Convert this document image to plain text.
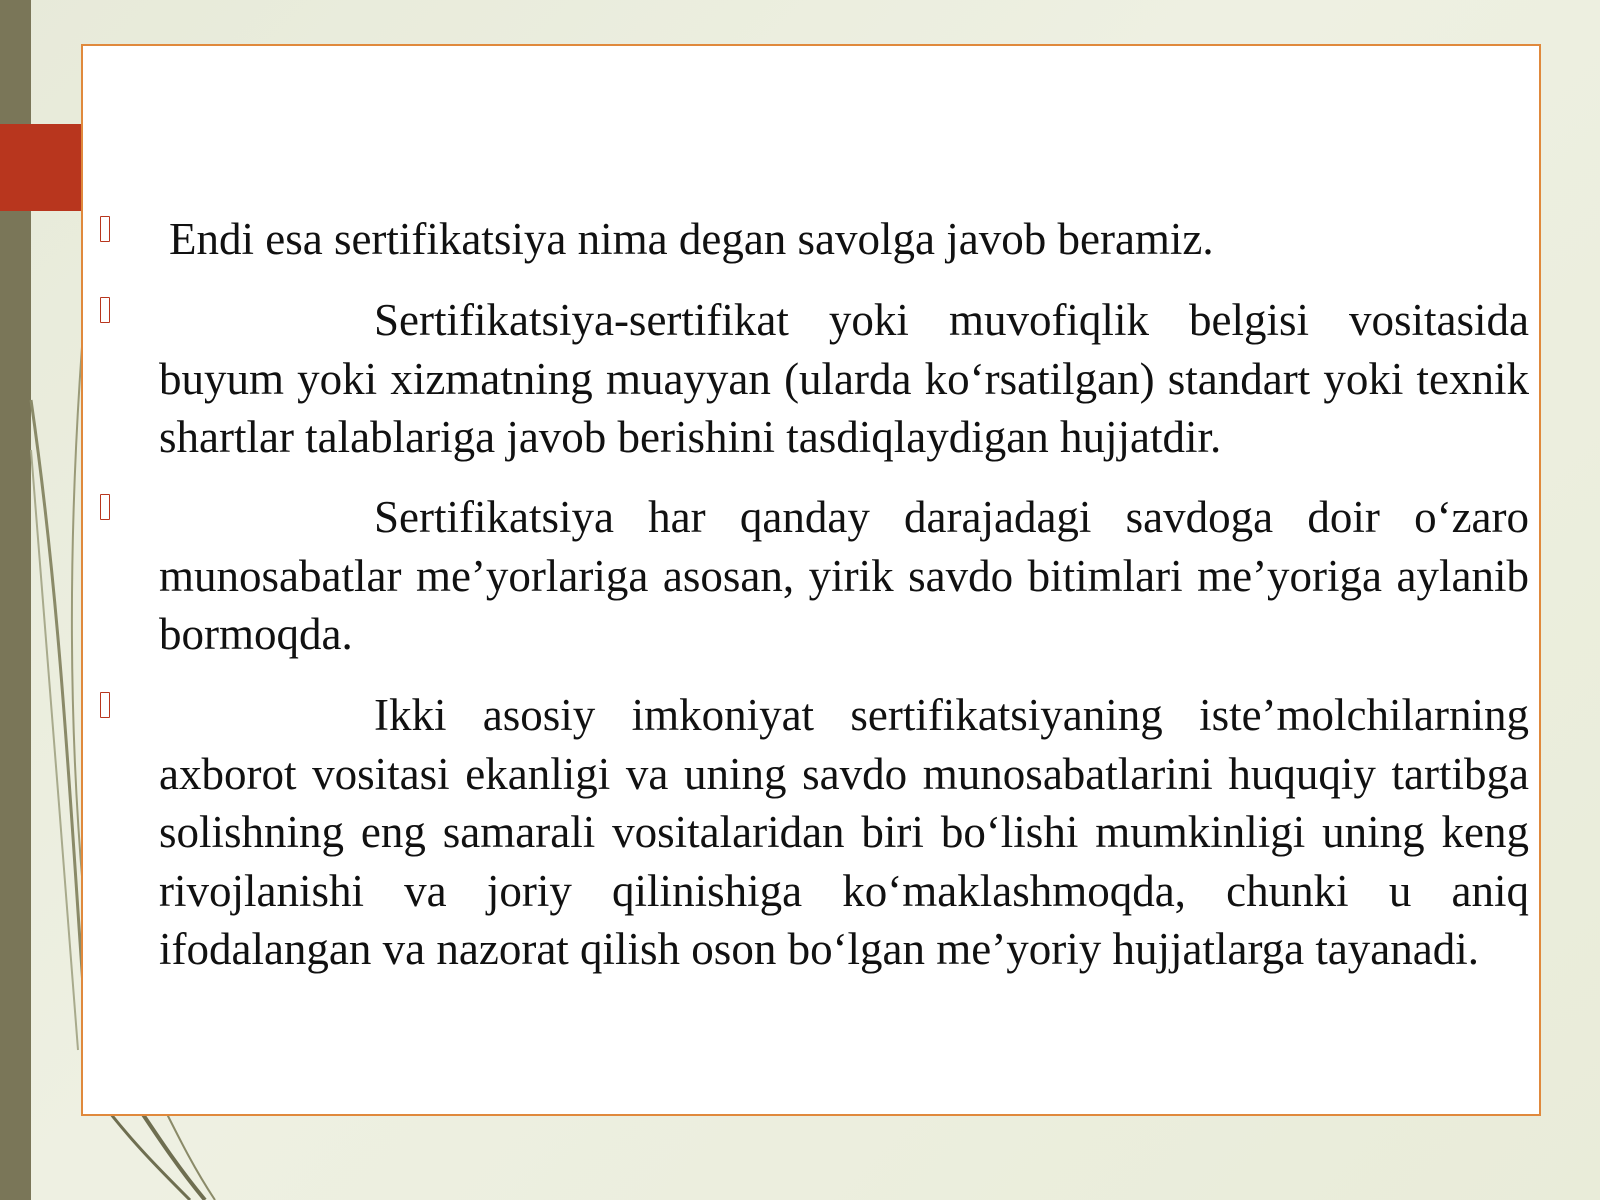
Endi esa sertifikatsiya nima degan savolga javob beramiz.

Sertifikatsiya-sertifikat yoki muvofiqlik belgisi vositasida buyum yoki xizmatning muayyan (ularda ko‘rsatilgan) standart yoki texnik shartlar talablariga javob berishini tasdiqlaydigan hujjatdir.

Sertifikatsiya har qanday darajadagi savdoga doir o‘zaro munosabatlar me’yorlariga asosan, yirik savdo bitimlari me’yoriga aylanib bormoqda.

Ikki asosiy imkoniyat sertifikatsiyaning iste’molchilarning axborot vositasi ekanligi va uning savdo munosabatlarini huquqiy tartibga solishning eng samarali vositalaridan biri bo‘lishi mumkinligi uning keng rivojlanishi va joriy qilinishiga ko‘maklashmoqda, chunki u aniq ifodalangan va nazorat qilish oson bo‘lgan me’yoriy hujjatlarga tayanadi.
